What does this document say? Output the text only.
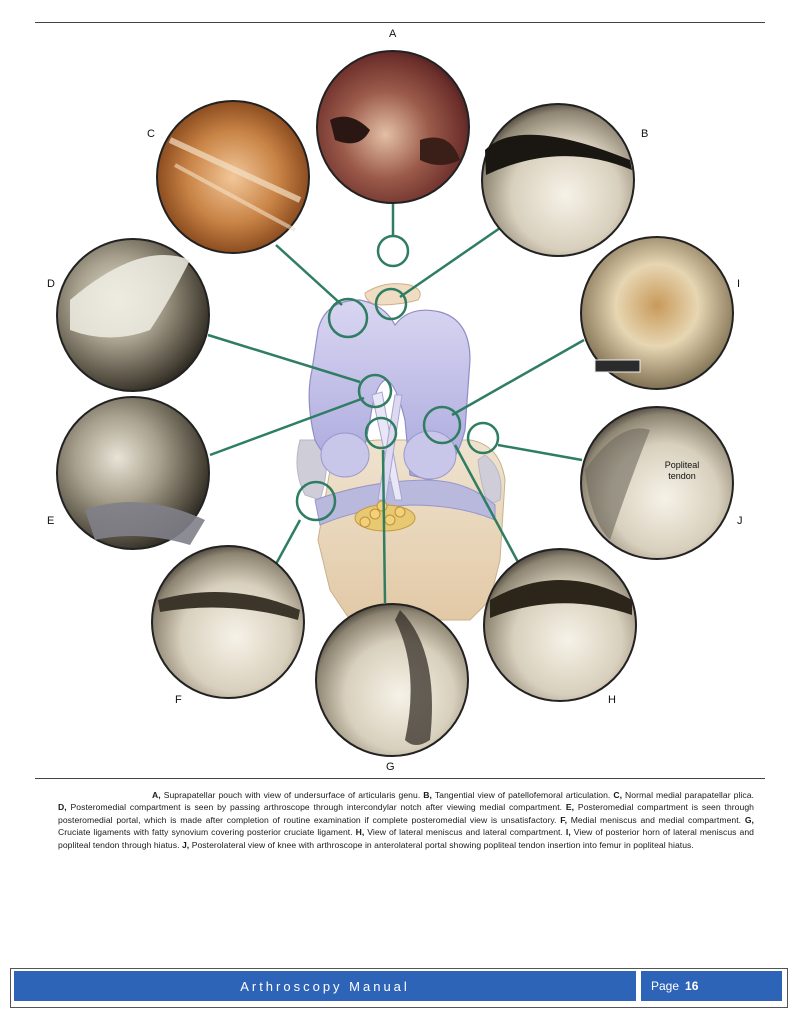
A
B
C
D
E
F
G
H
I
J
Popliteal
tendon
A, Suprapatellar pouch with view of undersurface of articularis genu. B, Tangential view of patellofemoral articulation. C, Normal medial parapatellar plica. D, Posteromedial compartment is seen by passing arthroscope through intercondylar notch after viewing medial compartment. E, Posteromedial compartment is seen through posteromedial portal, which is made after completion of routine examination if complete posteromedial view is unsatisfactory. F, Medial meniscus and medial compartment. G, Cruciate ligaments with fatty synovium covering posterior cruciate ligament. H, View of lateral meniscus and lateral compartment. I, View of posterior horn of lateral meniscus and popliteal tendon through hiatus. J, Posterolateral view of knee with arthroscope in anterolateral portal showing popliteal tendon insertion into femur in popliteal hiatus.
Arthroscopy Manual	Page 16
